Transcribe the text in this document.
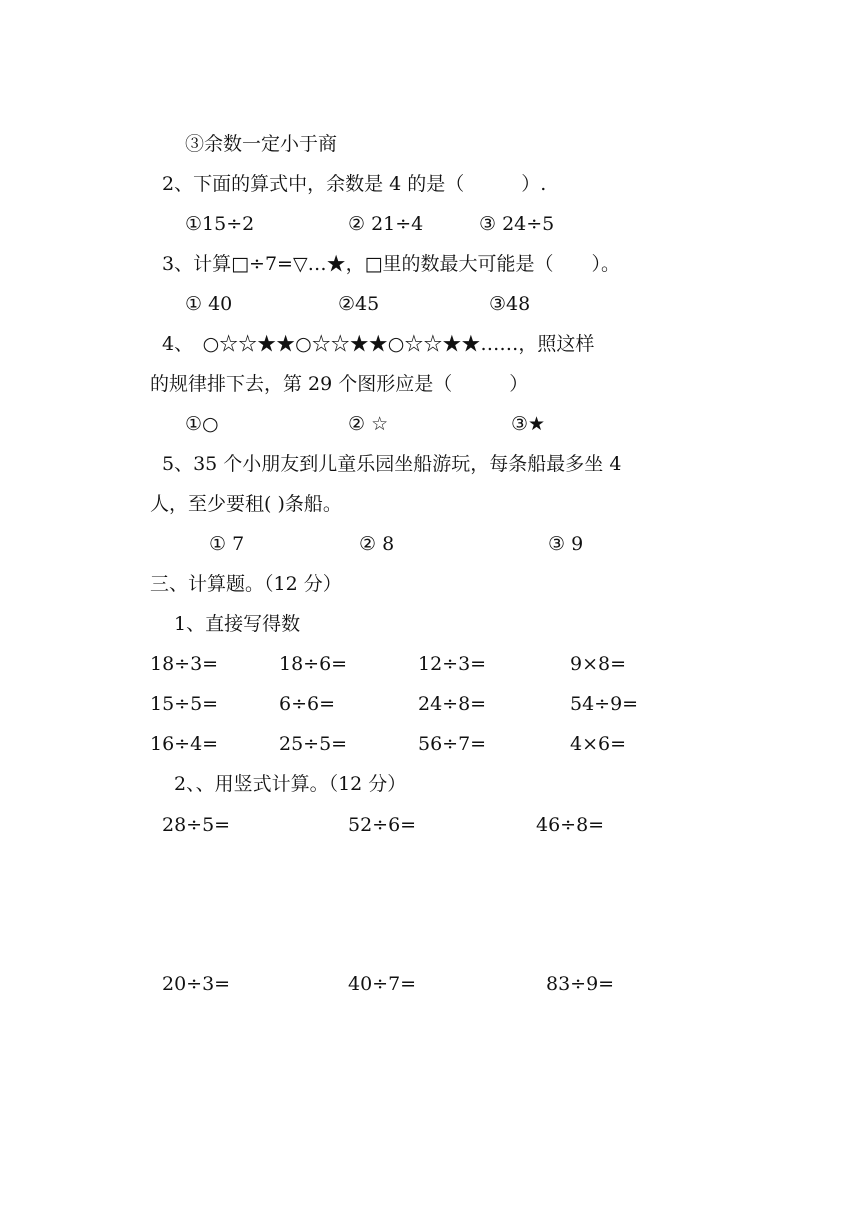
③余数一定小于商
2、下面的算式中，余数是 4 的是（　　　）.
①15÷2	② 21÷4	③ 24÷5
3、计算□÷7=▽…★，□里的数最大可能是（　　）。
① 40	②45	③48
4、　○☆☆★★○☆☆★★○☆☆★★……，照这样
的规律排下去，第 29 个图形应是（　　　）
①○	② ☆	③★
5、35 个小朋友到儿童乐园坐船游玩，每条船最多坐 4
人，至少要租( )条船。
① 7	② 8	③ 9
三、计算题。（12 分）
1、直接写得数
18÷3=	18÷6=	12÷3=	9×8=
15÷5=	6÷6=	24÷8=	54÷9=
16÷4=	25÷5=	56÷7=	4×6=
2、、用竖式计算。（12 分）
28÷5=	52÷6=	46÷8=
20÷3=	40÷7=	83÷9=
